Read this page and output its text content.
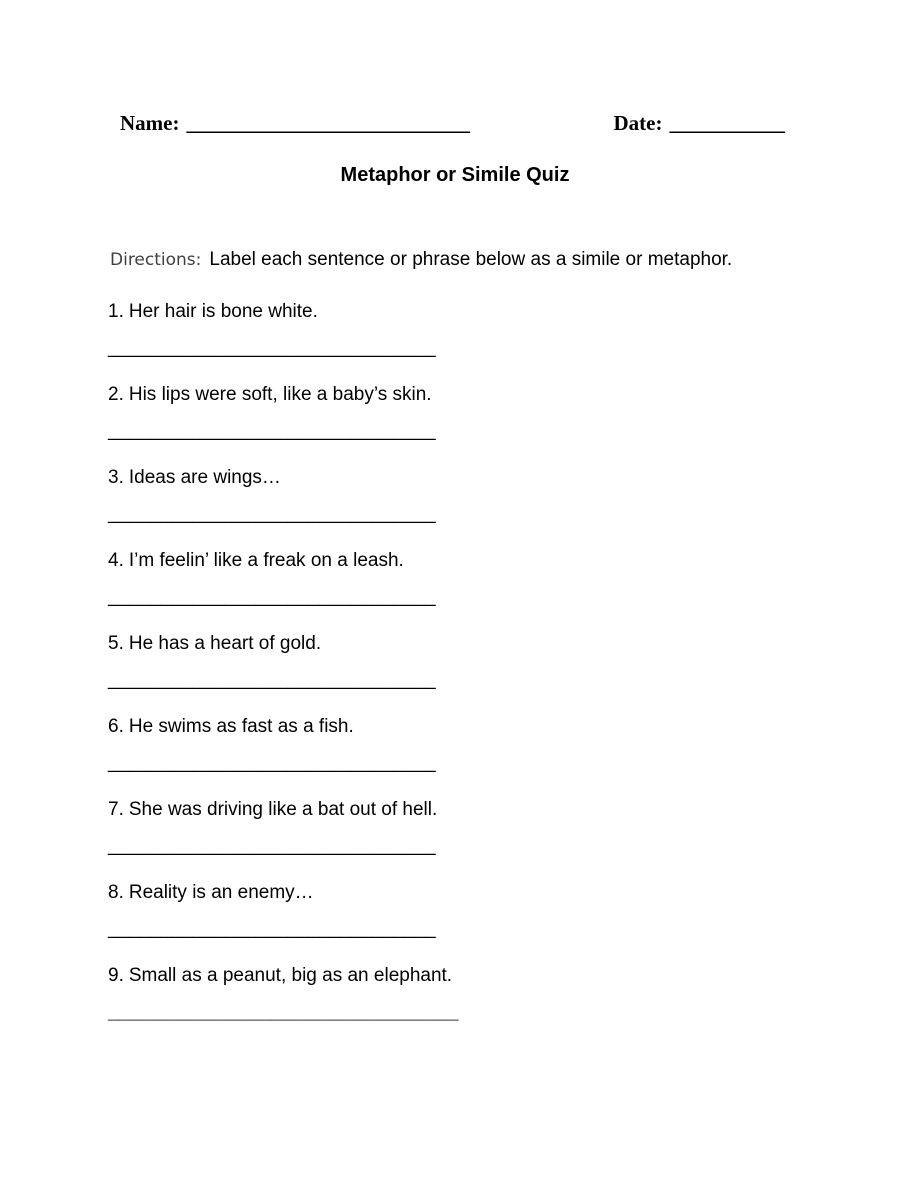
Name: ___________________________	Date: ___________
Metaphor or Simile Quiz

Directions: Label each sentence or phrase below as a simile or metaphor.

1. Her hair is bone white.

_______________________________

2. His lips were soft, like a baby’s skin.

_______________________________

3. Ideas are wings…

_______________________________

4. I’m feelin’ like a freak on a leash.

_______________________________

5. He has a heart of gold.

_______________________________

6. He swims as fast as a fish.

_______________________________

7. She was driving like a bat out of hell.

_______________________________

8. Reality is an enemy…

_______________________________

9. Small as a peanut, big as an elephant.

______________________________
